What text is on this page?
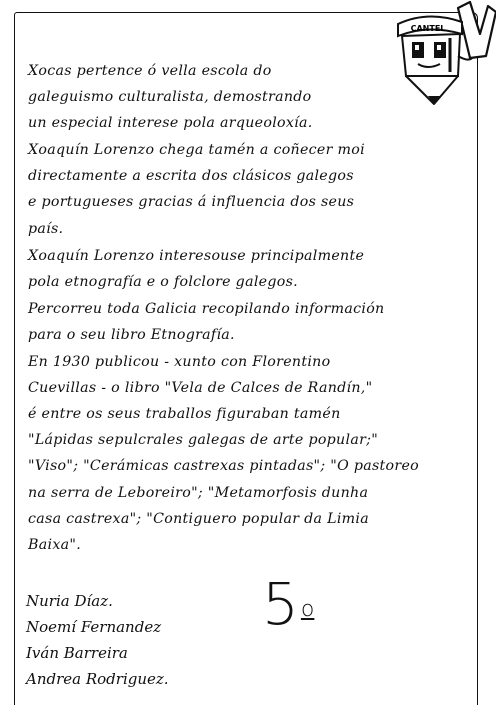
CANTEL

Xocas pertence ó vella escola do
galeguismo culturalista, demostrando
un especial interese pola arqueoloxía.

Xoaquín Lorenzo chega tamén a coñecer moi
directamente a escrita dos clásicos galegos
e portugueses gracias á influencia dos seus
país.

Xoaquín Lorenzo interesouse principalmente
pola etnografía e o folclore galegos.

Percorreu toda Galicia recopilando información
para o seu libro Etnografía.

En 1930 publicou - xunto con Florentino
Cuevillas - o libro "Vela de Calces de Randín,"
é entre os seus traballos figuraban tamén
"Lápidas sepulcrales galegas de arte popular;"
"Viso"; "Cerámicas castrexas pintadas"; "O pastoreo
na serra de Leboreiro"; "Metamorfosis dunha
casa castrexa"; "Contiguero popular da Limia
Baixa".

Nuria Díaz.
Noemí Fernandez
Iván Barreira
Andrea Rodriguez.
5$^o$
